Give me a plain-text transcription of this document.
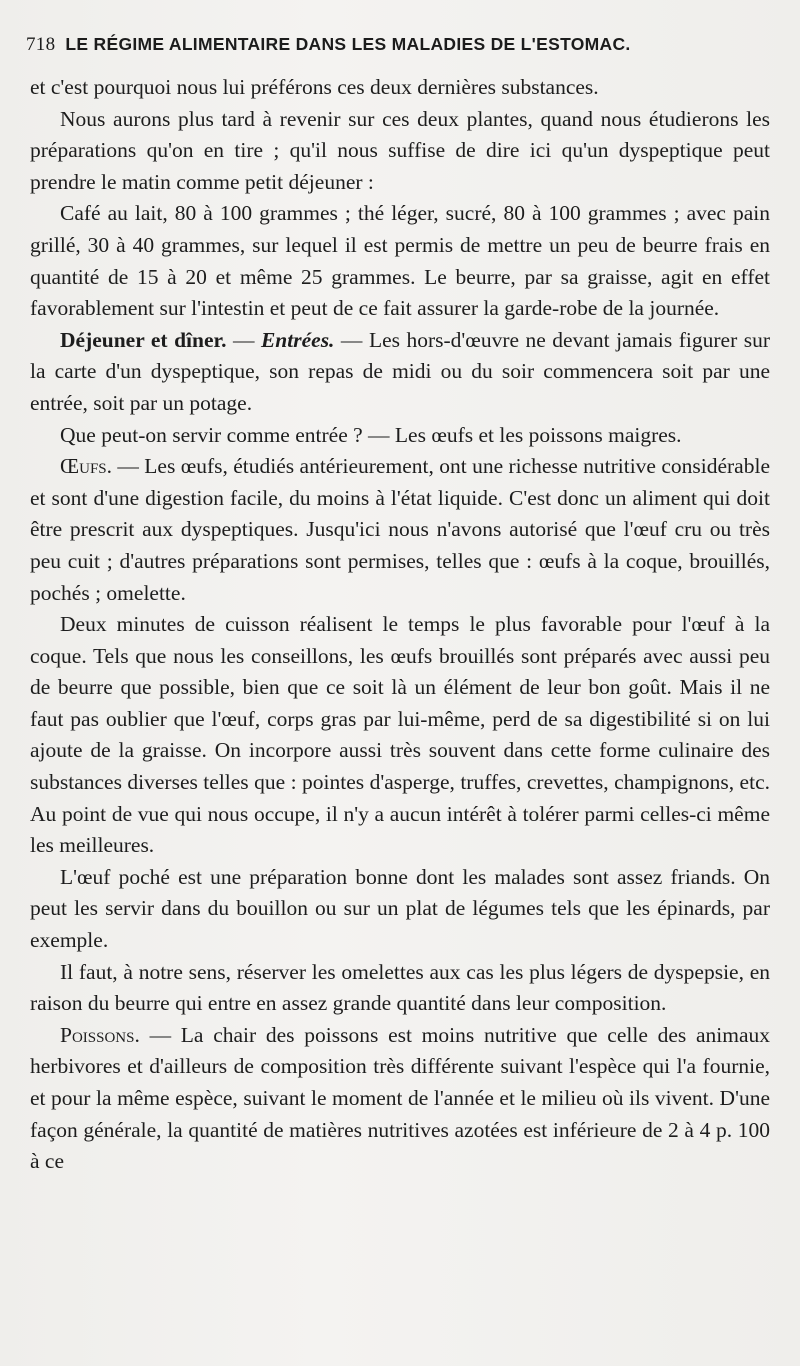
718 LE RÉGIME ALIMENTAIRE DANS LES MALADIES DE L'ESTOMAC.

et c'est pourquoi nous lui préférons ces deux dernières substances.

Nous aurons plus tard à revenir sur ces deux plantes, quand nous étudierons les préparations qu'on en tire ; qu'il nous suffise de dire ici qu'un dyspeptique peut prendre le matin comme petit déjeuner :

Café au lait, 80 à 100 grammes ; thé léger, sucré, 80 à 100 grammes ; avec pain grillé, 30 à 40 grammes, sur lequel il est permis de mettre un peu de beurre frais en quantité de 15 à 20 et même 25 grammes. Le beurre, par sa graisse, agit en effet favorablement sur l'intestin et peut de ce fait assurer la garde-robe de la journée.

Déjeuner et dîner. — Entrées. — Les hors-d'œuvre ne devant jamais figurer sur la carte d'un dyspeptique, son repas de midi ou du soir commencera soit par une entrée, soit par un potage.

Que peut-on servir comme entrée ? — Les œufs et les poissons maigres.

Œufs. — Les œufs, étudiés antérieurement, ont une richesse nutritive considérable et sont d'une digestion facile, du moins à l'état liquide. C'est donc un aliment qui doit être prescrit aux dyspeptiques. Jusqu'ici nous n'avons autorisé que l'œuf cru ou très peu cuit ; d'autres préparations sont permises, telles que : œufs à la coque, brouillés, pochés ; omelette.

Deux minutes de cuisson réalisent le temps le plus favorable pour l'œuf à la coque. Tels que nous les conseillons, les œufs brouillés sont préparés avec aussi peu de beurre que possible, bien que ce soit là un élément de leur bon goût. Mais il ne faut pas oublier que l'œuf, corps gras par lui-même, perd de sa digestibilité si on lui ajoute de la graisse. On incorpore aussi très souvent dans cette forme culinaire des substances diverses telles que : pointes d'asperge, truffes, crevettes, champignons, etc. Au point de vue qui nous occupe, il n'y a aucun intérêt à tolérer parmi celles-ci même les meilleures.

L'œuf poché est une préparation bonne dont les malades sont assez friands. On peut les servir dans du bouillon ou sur un plat de légumes tels que les épinards, par exemple.

Il faut, à notre sens, réserver les omelettes aux cas les plus légers de dyspepsie, en raison du beurre qui entre en assez grande quantité dans leur composition.

Poissons. — La chair des poissons est moins nutritive que celle des animaux herbivores et d'ailleurs de composition très différente suivant l'espèce qui l'a fournie, et pour la même espèce, suivant le moment de l'année et le milieu où ils vivent. D'une façon générale, la quantité de matières nutritives azotées est inférieure de 2 à 4 p. 100 à ce
